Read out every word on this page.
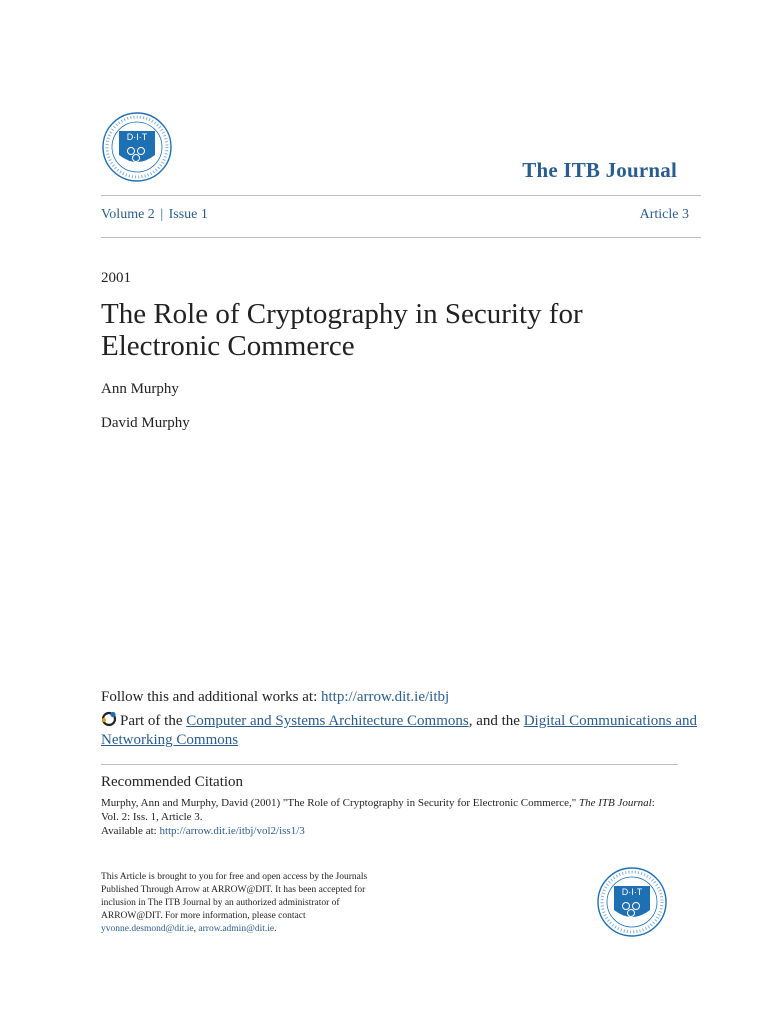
D·I·T
The ITB Journal
Volume 2 | Issue 1	Article 3
2001
The Role of Cryptography in Security for Electronic Commerce
Ann Murphy
David Murphy
Follow this and additional works at: http://arrow.dit.ie/itbj
Part of the Computer and Systems Architecture Commons, and the Digital Communications and Networking Commons
Recommended Citation
Murphy, Ann and Murphy, David (2001) "The Role of Cryptography in Security for Electronic Commerce," The ITB Journal: Vol. 2: Iss. 1, Article 3.
Available at: http://arrow.dit.ie/itbj/vol2/iss1/3
This Article is brought to you for free and open access by the Journals Published Through Arrow at ARROW@DIT. It has been accepted for inclusion in The ITB Journal by an authorized administrator of ARROW@DIT. For more information, please contact
yvonne.desmond@dit.ie, arrow.admin@dit.ie.
D·I·T
